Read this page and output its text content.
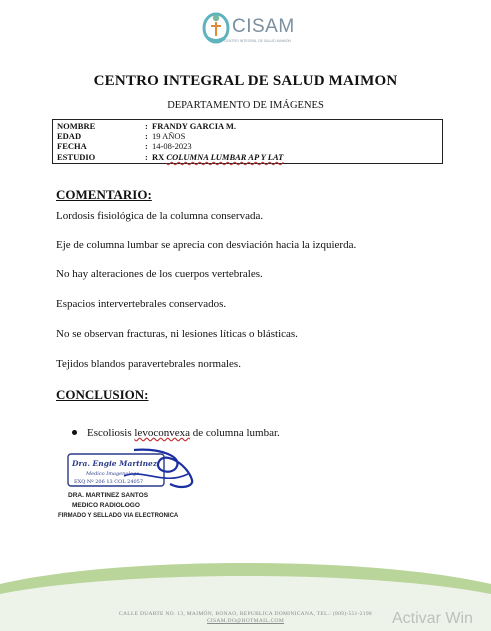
CISAM
CENTRO INTEGRAL DE SALUD MAIMON
CENTRO INTEGRAL DE SALUD MAIMON
DEPARTAMENTO DE IMÁGENES
NOMBRE	: FRANDY GARCIA M.
EDAD	: 19 AÑOS
FECHA	: 14-08-2023
ESTUDIO	: RX COLUMNA LUMBAR AP Y LAT
COMENTARIO:
Lordosis fisiológica de la columna conservada.
Eje de columna lumbar se aprecia con desviación hacia la izquierda.
No hay alteraciones de los cuerpos vertebrales.
Espacios intervertebrales conservados.
No se observan fracturas, ni lesiones líticas o blásticas.
Tejidos blandos paravertebrales normales.
CONCLUSION:
Escoliosis levoconvexa de columna lumbar.
Dra. Engie Martinez
Medico Imagenologo
EXQ Nº 206 13 COL 24057
DRA. MARTINEZ SANTOS
MEDICO RADIOLOGO
FIRMADO Y SELLADO VIA ELECTRONICA
CALLE DUARTE NO. 13, MAIMÓN, BONAO, REPUBLICA DOMINICANA, TEL.: (809)-551-2198
CISAM.DO@HOTMAIL.COM	Activar Win
